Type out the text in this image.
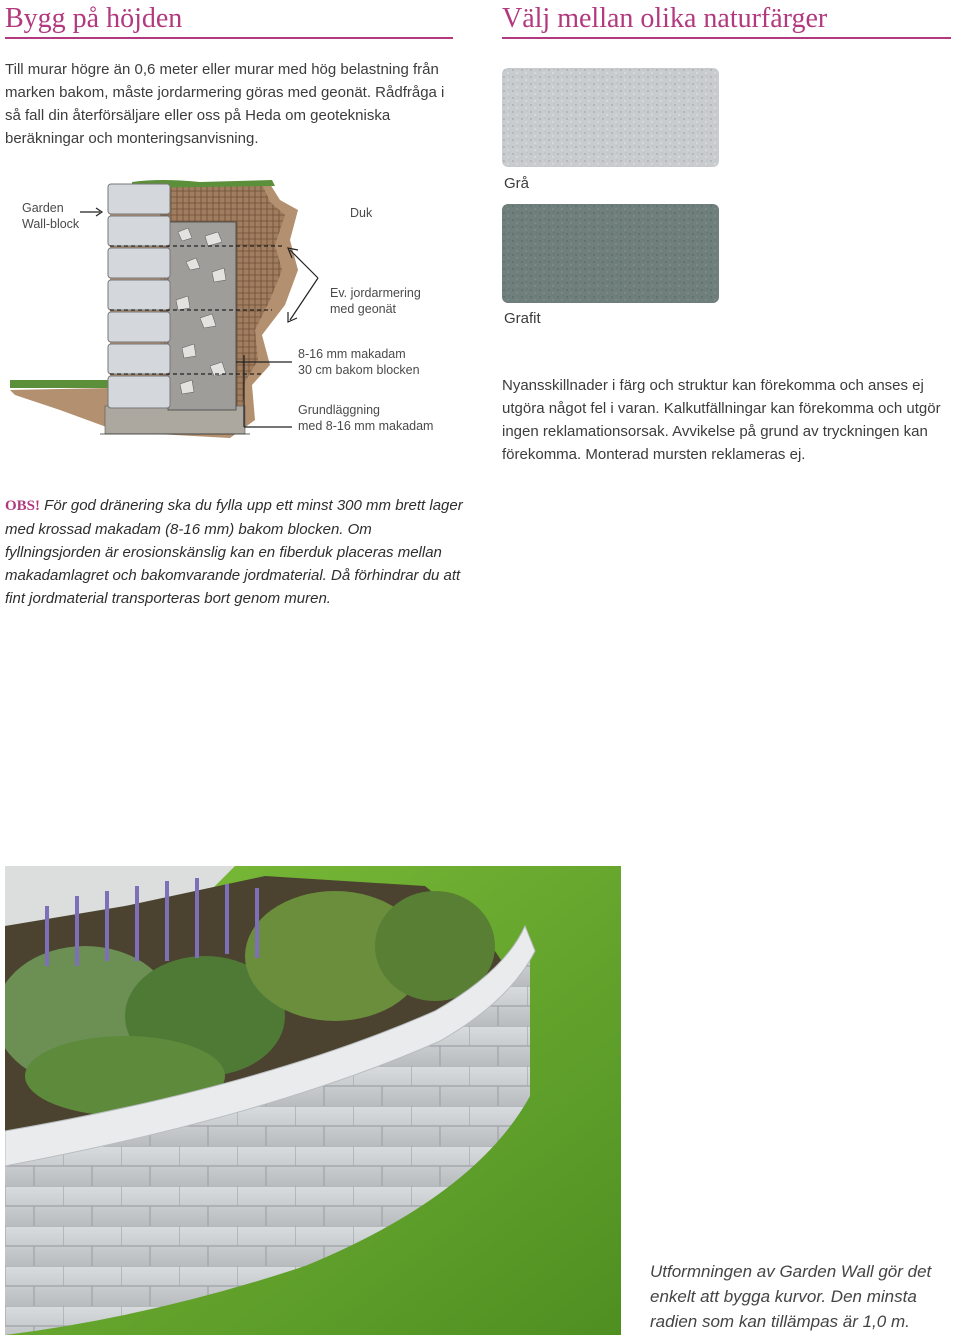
Bygg på höjden	Välj mellan olika naturfärger

Till murar högre än 0,6 meter eller murar med hög belastning från marken bakom, måste jordarmering göras med geonät. Rådfråga i så fall din återförsäljare eller oss på Heda om geotekniska beräkningar och monteringsanvisning.

Garden
Wall-block
Duk
Ev. jordarmering
med geonät
8-16 mm makadam
30 cm bakom blocken
Grundläggning
med 8-16 mm makadam
Grå
Grafit

Nyansskillnader i färg och struktur kan förekomma och anses ej utgöra något fel i varan. Kalkutfällningar kan förekomma och utgör ingen reklamationsorsak. Avvikelse på grund av tryckningen kan förekomma. Monterad mursten reklameras ej.

OBS! För god dränering ska du fylla upp ett minst 300 mm brett lager med krossad makadam (8-16 mm) bakom blocken. Om fyllningsjorden är erosionskänslig kan en fiberduk placeras mellan makadamlagret och bakomvarande jordmaterial. Då förhindrar du att fint jordmaterial transporteras bort genom muren.

Utformningen av Garden Wall gör det enkelt att bygga kurvor. Den minsta radien som kan tillämpas är 1,0 m.
